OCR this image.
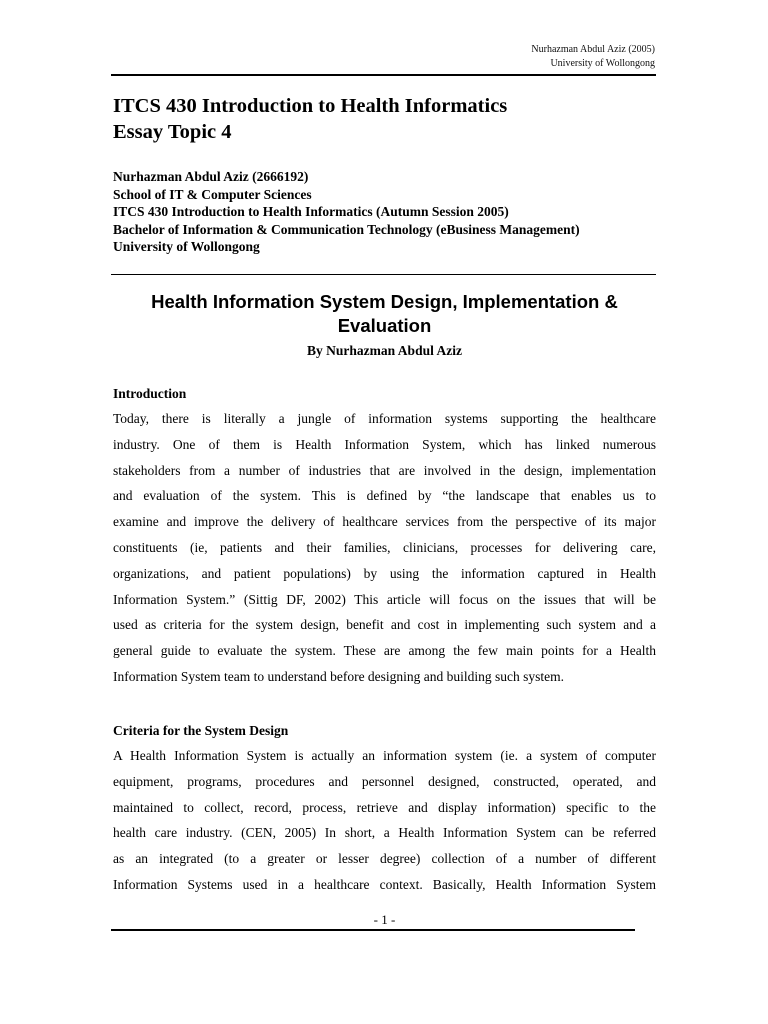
Nurhazman Abdul Aziz (2005)
University of Wollongong
ITCS 430 Introduction to Health Informatics
Essay Topic 4
Nurhazman Abdul Aziz (2666192)
School of IT & Computer Sciences
ITCS 430 Introduction to Health Informatics (Autumn Session 2005)
Bachelor of Information & Communication Technology (eBusiness Management)
University of Wollongong
Health Information System Design, Implementation &
Evaluation
By Nurhazman Abdul Aziz
Introduction
Today, there is literally a jungle of information systems supporting the healthcare
industry. One of them is Health Information System, which has linked numerous
stakeholders from a number of industries that are involved in the design, implementation
and evaluation of the system. This is defined by “the landscape that enables us to
examine and improve the delivery of healthcare services from the perspective of its major
constituents (ie, patients and their families, clinicians, processes for delivering care,
organizations, and patient populations) by using the information captured in Health
Information System.” (Sittig DF, 2002) This article will focus on the issues that will be
used as criteria for the system design, benefit and cost in implementing such system and a
general guide to evaluate the system. These are among the few main points for a Health
Information System team to understand before designing and building such system.
Criteria for the System Design
A Health Information System is actually an information system (ie. a system of computer
equipment, programs, procedures and personnel designed, constructed, operated, and
maintained to collect, record, process, retrieve and display information) specific to the
health care industry. (CEN, 2005) In short, a Health Information System can be referred
as an integrated (to a greater or lesser degree) collection of a number of different
Information Systems used in a healthcare context. Basically, Health Information System
- 1 -
